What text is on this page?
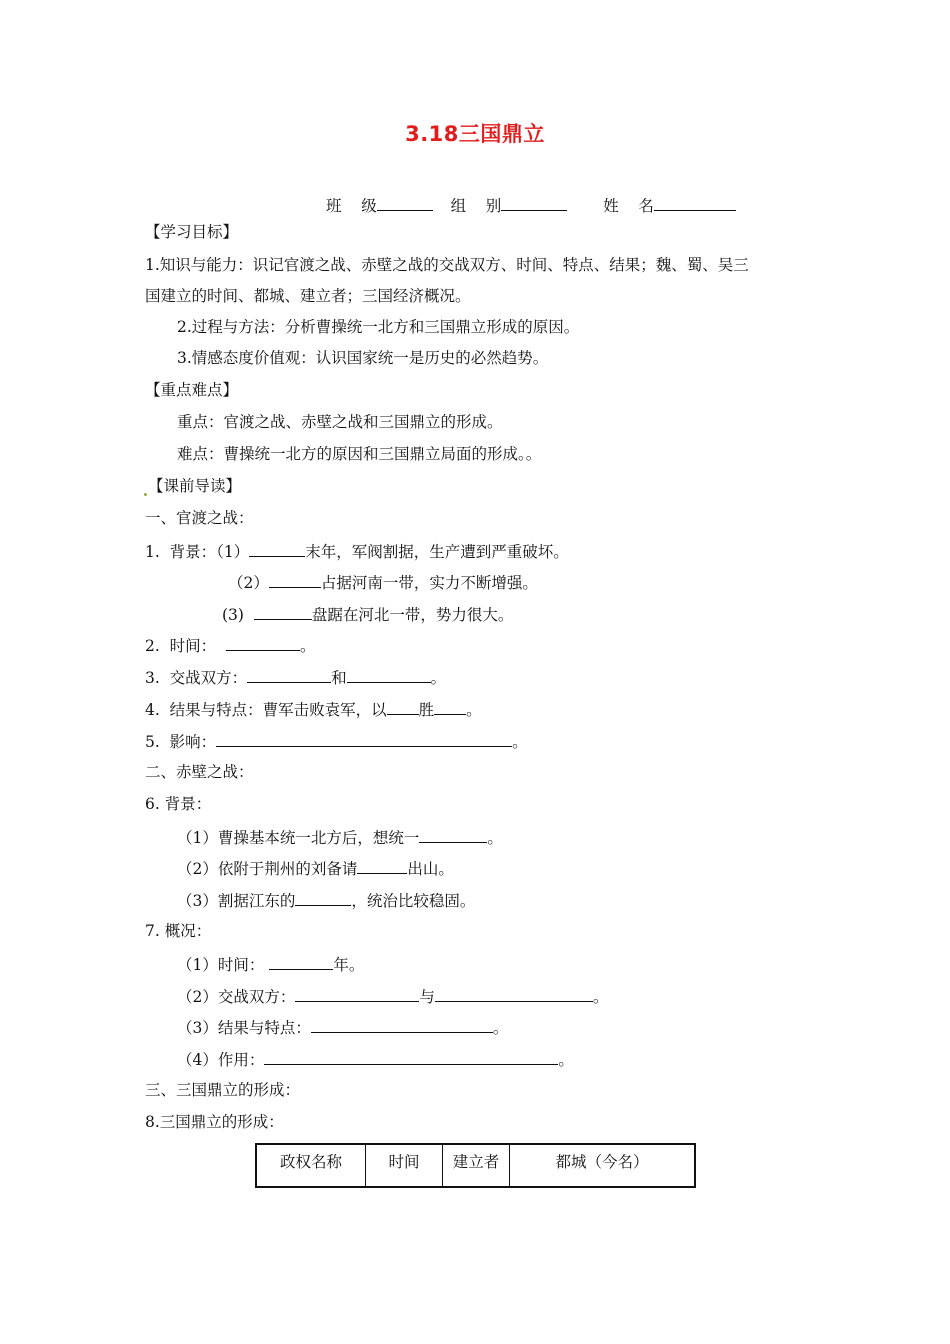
3.18三国鼎立
班    级	组    别	姓    名
【学习目标】
1.知识与能力：识记官渡之战、赤壁之战的交战双方、时间、特点、结果；魏、蜀、吴三
国建立的时间、都城、建立者；三国经济概况。
2.过程与方法：分析曹操统一北方和三国鼎立形成的原因。
3.情感态度价值观：认识国家统一是历史的必然趋势。
【重点难点】
重点：官渡之战、赤壁之战和三国鼎立的形成。
难点：曹操统一北方的原因和三国鼎立局面的形成。。
【课前导读】
一、官渡之战：
1.  背景：（1）	末年，军阀割据，生产遭到严重破坏。
（2）	占据河南一带，实力不断增强。
(3)	盘踞在河北一带，势力很大。
2.  时间：	。
3.  交战双方：	和	。
4.  结果与特点：曹军击败袁军，以 胜 。
5.  影响：	。
二、赤壁之战：
6. 背景：
（1）曹操基本统一北方后，想统一	。
（2）依附于荆州的刘备请	出山。
（3）割据江东的	，统治比较稳固。
7. 概况：
（1）时间：	年。
（2）交战双方：	与	。
（3）结果与特点：	。
（4）作用：	。
三、三国鼎立的形成：
8.三国鼎立的形成：
政权名称	时间	建立者	都城（今名）
